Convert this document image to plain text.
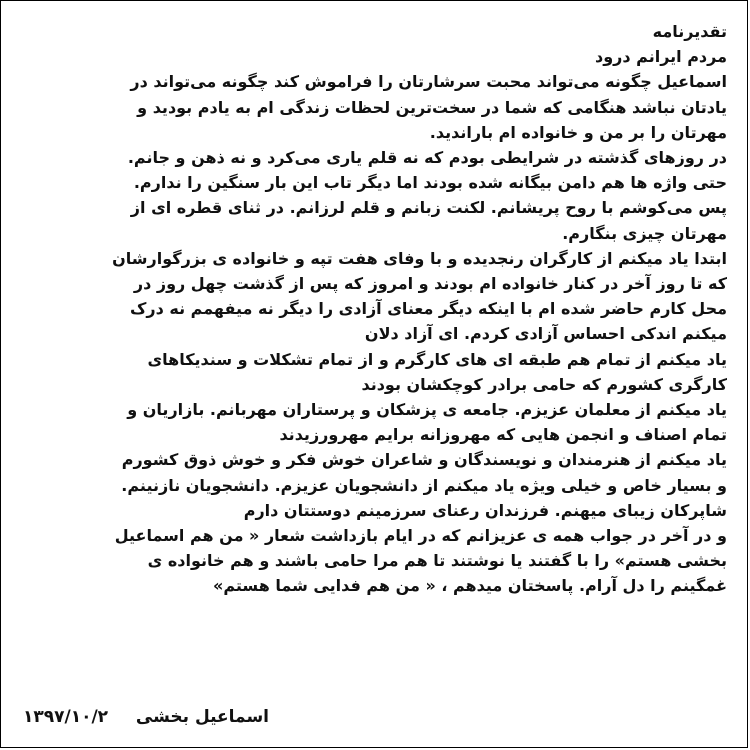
تقدیرنامه
مردم ایرانم درود
اسماعیل چگونه می‌تواند محبت سرشارتان را فراموش کند چگونه می‌تواند در
یادتان نباشد هنگامی که شما در سخت‌ترین لحظات زندگی ام به یادم بودید و
مهرتان را بر من و خانواده ام باراندید.
در روزهای گذشته در شرایطی بودم که نه قلم یاری می‌کرد و نه ذهن و جانم.
حتی واژه ها هم دامن بیگانه شده بودند اما دیگر تاب این بار سنگین را ندارم.
پس می‌کوشم با روح پریشانم. لکنت زبانم و قلم لرزانم. در ثنای قطره ای از
مهرتان چیزی بنگارم.
ابتدا یاد میکنم از کارگران رنجدیده و با وفای هفت تپه و خانواده ی بزرگوارشان
که تا روز آخر در کنار خانواده ام بودند و امروز که پس از گذشت چهل روز در
محل کارم حاضر شده ام با اینکه دیگر معنای آزادی را دیگر نه میفهمم نه درک
میکنم اندکی احساس آزادی کردم. ای آزاد دلان
یاد میکنم از تمام هم طبقه ای های کارگرم و از تمام تشکلات و سندیکاهای
کارگری کشورم که حامی برادر کوچکشان بودند
یاد میکنم از معلمان عزیزم. جامعه ی پزشکان و پرستاران مهربانم. بازاریان و
تمام اصناف و انجمن هایی که مهروزانه برایم مهرورزیدند
یاد میکنم از هنرمندان و نویسندگان و شاعران خوش فکر و خوش ذوق کشورم
و بسیار خاص و خیلی ویژه یاد میکنم از دانشجویان عزیزم. دانشجویان نازنینم.
شاپرکان زیبای میهنم. فرزندان رعنای سرزمینم دوستتان دارم
و در آخر در جواب همه ی عزیزانم که در ایام بازداشت شعار « من هم اسماعیل
بخشی هستم» را با گفتند یا نوشتند تا هم مرا حامی باشند و هم خانواده ی
غمگینم را دل آرام. پاسختان میدهم ، « من هم فدایی شما هستم»
اسماعیل بخشی
۱۳۹۷/۱۰/۲
